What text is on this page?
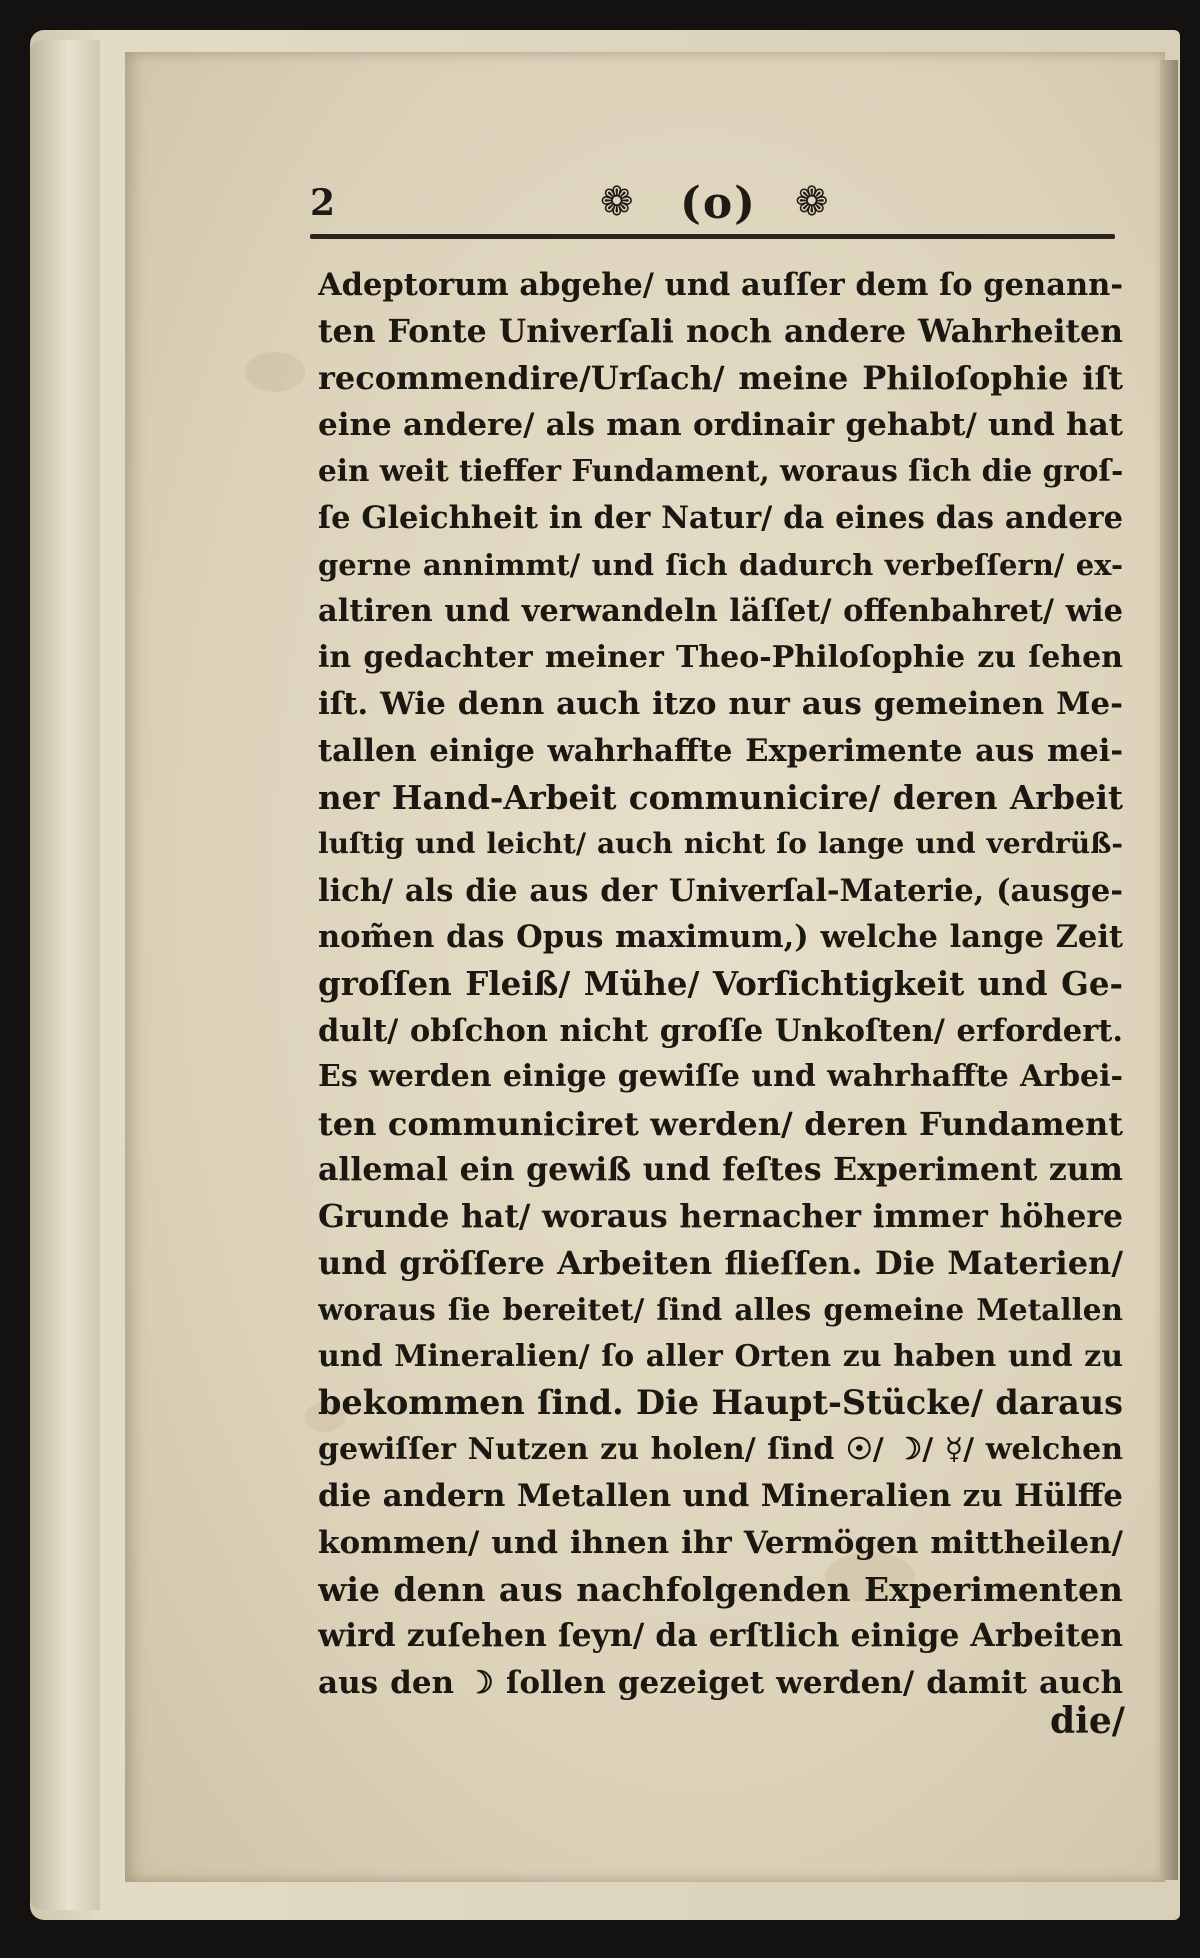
2	❁ (o) ❁
Adeptorum abgehe/ und auſſer dem ſo genann-
ten Fonte Univerſali noch andere Wahrheiten
recommendire/Urſach/ meine Philoſophie iſt
eine andere/ als man ordinair gehabt/ und hat
ein weit tieffer Fundament, woraus ſich die groſ-
ſe Gleichheit in der Natur/ da eines das andere
gerne annimmt/ und ſich dadurch verbeſſern/ ex-
altiren und verwandeln läſſet/ offenbahret/ wie
in gedachter meiner Theo-Philoſophie zu ſehen
iſt. Wie denn auch itzo nur aus gemeinen Me-
tallen einige wahrhaffte Experimente aus mei-
ner Hand-Arbeit communicire/ deren Arbeit
luſtig und leicht/ auch nicht ſo lange und verdrüß-
lich/ als die aus der Univerſal-Materie, (ausge-
nom̃en das Opus maximum,) welche lange Zeit
groſſen Fleiß/ Mühe/ Vorſichtigkeit und Ge-
dult/ obſchon nicht groſſe Unkoſten/ erfordert.
Es werden einige gewiſſe und wahrhaffte Arbei-
ten communiciret werden/ deren Fundament
allemal ein gewiß und feſtes Experiment zum
Grunde hat/ woraus hernacher immer höhere
und gröſſere Arbeiten flieſſen. Die Materien/
woraus ſie bereitet/ ſind alles gemeine Metallen
und Mineralien/ ſo aller Orten zu haben und zu
bekommen ſind. Die Haupt-Stücke/ daraus
gewiſſer Nutzen zu holen/ ſind ☉/ ☽/ ☿/ welchen
die andern Metallen und Mineralien zu Hülffe
kommen/ und ihnen ihr Vermögen mittheilen/
wie denn aus nachfolgenden Experimenten
wird zuſehen ſeyn/ da erſtlich einige Arbeiten
aus den ☽ ſollen gezeiget werden/ damit auch
die/
